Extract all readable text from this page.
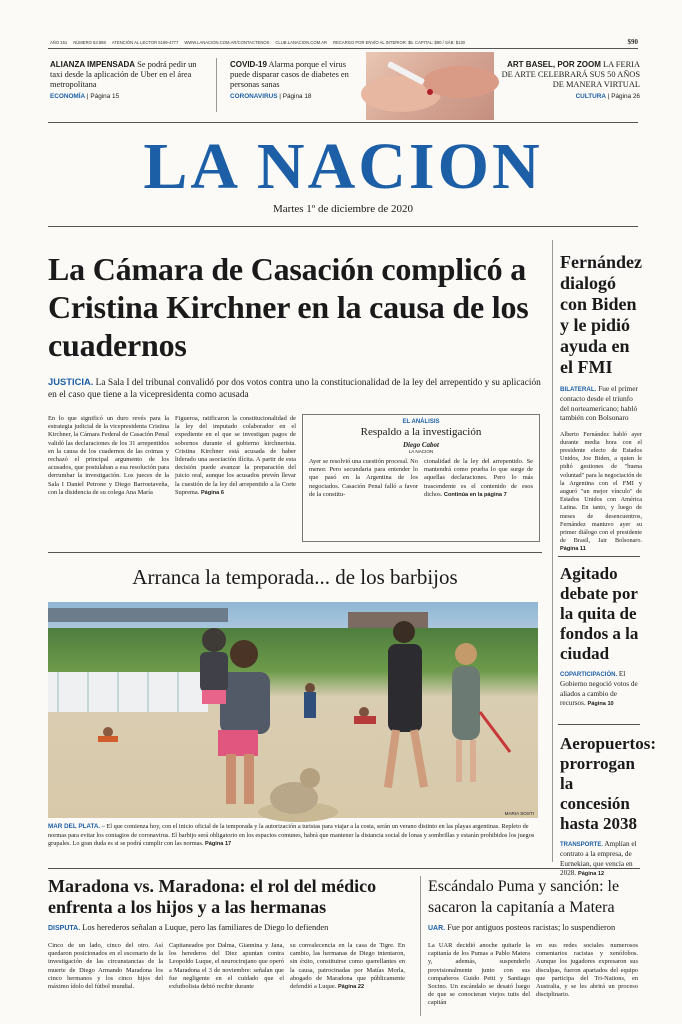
AÑO 151 NÚMERO 53.888 ATENCIÓN AL LECTOR 5199-4777 WWW.LANACION.COM.AR/CONTACTENOS CLUB.LANACION.COM.AR RECARGO POR ENVÍO AL INTERIOR: $5. CAPITAL: $90 / SÁB: $130	$90
ALIANZA IMPENSADA Se podrá pedir un taxi desde la aplicación de Uber en el área metropolitana
ECONOMÍA | Página 15
COVID-19 Alarma porque el virus puede disparar casos de diabetes en personas sanas
CORONAVIRUS | Página 18
ART BASEL, POR ZOOM LA FERIA DE ARTE CELEBRARÁ SUS 50 AÑOS DE MANERA VIRTUAL
CULTURA | Página 26
LA NACION
Martes 1º de diciembre de 2020
La Cámara de Casación complicó a Cristina Kirchner en la causa de los cuadernos
JUSTICIA. La Sala I del tribunal convalidó por dos votos contra uno la constitucionalidad de la ley del arrepentido y su aplicación en el caso que tiene a la vicepresidenta como acusada
En lo que significó un duro revés para la estrategia judicial de la vicepresidenta Cristina Kirchner, la Cámara Federal de Casación Penal validó las declaraciones de los 31 arrepentidos en la causa de los cuadernos de las coimas y rechazó el principal argumento de los acusados, que postulaban a esa resolución para derrumbar la investigación. Los jueces de la Sala I Daniel Petrone y Diego Barroetaveña, con la disidencia de su colega Ana María
Figueroa, ratificaron la constitucionalidad de la ley del imputado colaborador en el expediente en el que se investigan pagos de sobornos durante el gobierno kirchnerista. Cristina Kirchner está acusada de haber liderado una asociación ilícita. A partir de esta decisión puede avanzar la preparación del juicio oral, aunque los acusados prevén llevar la cuestión de la ley del arrepentido a la Corte Suprema. Página 6
EL ANÁLISIS
Respaldo a la investigación
Diego Cabot
LA NACION
Ayer se resolvió una cuestión procesal. No menor. Pero secundaria para entender lo que pasó en la Argentina de los negociados. Casación Penal falló a favor de la constitu-
cionalidad de la ley del arrepentido. Se mantendrá como prueba lo que surge de aquellas declaraciones. Pero lo más trascendente es el contenido de esos dichos. Continúa en la página 7
Arranca la temporada... de los barbijos
MARIA SOSTI
MAR DEL PLATA. – El que comienza hoy, con el inicio oficial de la temporada y la autorización a turistas para viajar a la costa, serán un verano distinto en las playas argentinas. Repleto de normas para evitar los contagios de coronavirus. El barbijo será obligatorio en los espacios comunes, habrá que mantener la distancia social de lonas y sombrillas y estarán prohibidos los juegos grupales. Lo gran duda es si se podrá cumplir con las normas. Página 17
Fernández dialogó con Biden y le pidió ayuda en el FMI
BILATERAL. Fue el primer contacto desde el triunfo del norteamericano; habló también con Bolsonaro
Alberto Fernández habló ayer durante media hora con el presidente electo de Estados Unidos, Joe Biden, a quien le pidió gestiones de "buena voluntad" para la negociación de la Argentina con el FMI y auguró "un mejor vínculo" de Estados Unidos con América Latina. En tanto, y luego de meses de desencuentros, Fernández mantuvo ayer su primer diálogo con el presidente de Brasil, Jair Bolsonaro. Página 11
Agitado debate por la quita de fondos a la ciudad
COPARTICIPACIÓN. El Gobierno negoció votos de aliados a cambio de recursos. Página 10
Aeropuertos: prorrogan la concesión hasta 2038
TRANSPORTE. Amplían el contrato a la empresa, de Eurnekian, que vencía en 2028. Página 12
Maradona vs. Maradona: el rol del médico enfrenta a los hijos y a las hermanas
DISPUTA. Los herederos señalan a Luque, pero las familiares de Diego lo defienden
Cinco de un lado, cinco del otro. Así quedaron posicionados en el escenario de la investigación de las circunstancias de la muerte de Diego Armando Maradona los cinco hermanos y los cinco hijos del máximo ídolo del fútbol mundial.
Capitaneados por Dalma, Giannina y Jana, los herederos del Diez apuntan contra Leopoldo Luque, el neurocirujano que operó a Maradona el 3 de noviembre: señalan que fue negligente en el cuidado que el exfutbolista debió recibir durante
su convalecencia en la casa de Tigre. En cambio, las hermanas de Diego intentaron, sin éxito, constituirse como querellantes en la causa, patrocinadas por Matías Morla, abogado de Maradona que públicamente defendió a Luque. Página 22
Escándalo Puma y sanción: le sacaron la capitanía a Matera
UAR. Fue por antiguos posteos racistas; lo suspendieron
La UAR decidió anoche quitarle la capitanía de los Pumas a Pablo Matera y, además, suspenderlo provisionalmente junto con sus compañeros Guido Petti y Santiago Socino. Un escándalo se desató luego de que se conocieran viejos tuits del capitán
en sus redes sociales numerosos comentarios racistas y xenófobos. Aunque los jugadores expresaron sus disculpas, fueron apartados del equipo que participa del Tri-Nations, en Australia, y se les abrirá un proceso disciplinario.
